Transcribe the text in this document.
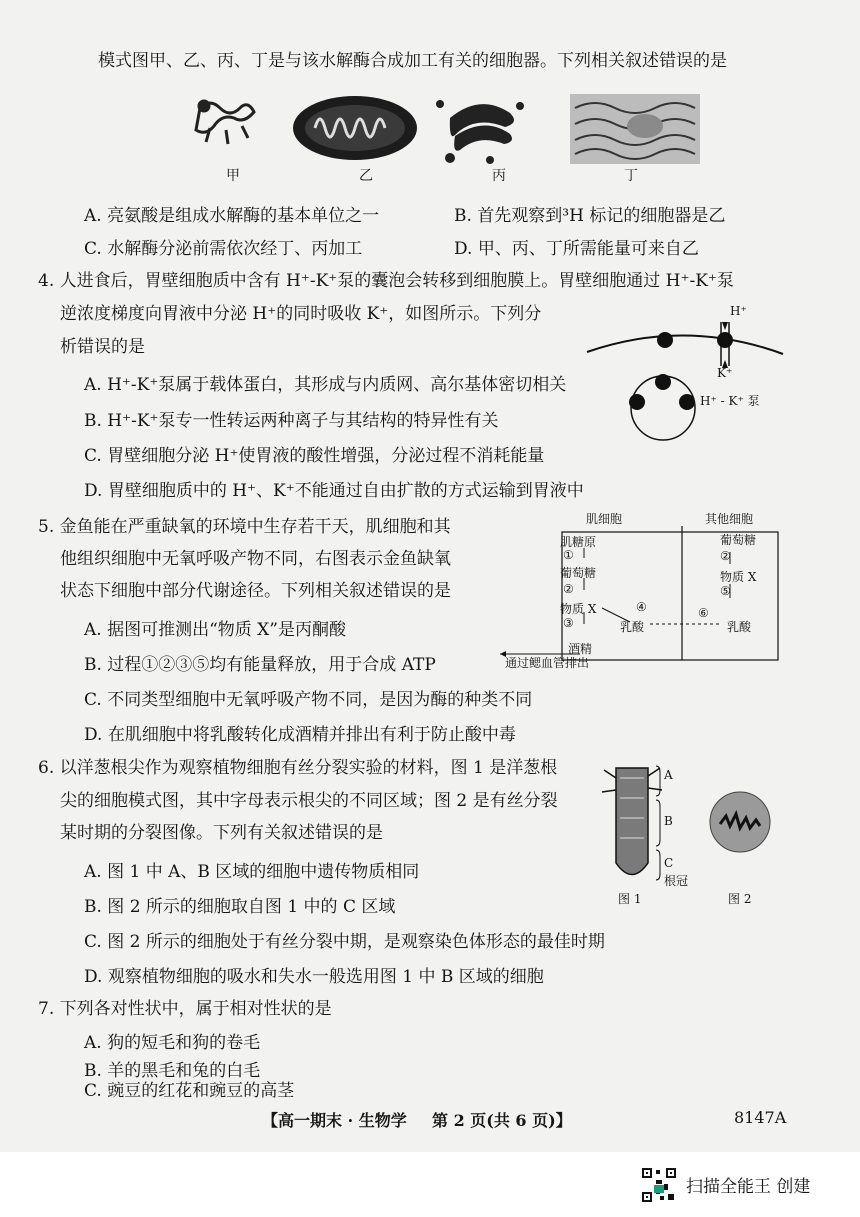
模式图甲、乙、丙、丁是与该水解酶合成加工有关的细胞器。下列相关叙述错误的是
甲	乙	丙	丁
A. 亮氨酸是组成水解酶的基本单位之一	B. 首先观察到³H 标记的细胞器是乙
C. 水解酶分泌前需依次经丁、丙加工	D. 甲、丙、丁所需能量可来自乙
4. 人进食后，胃壁细胞质中含有 H⁺-K⁺泵的囊泡会转移到细胞膜上。胃壁细胞通过 H⁺-K⁺泵
逆浓度梯度向胃液中分泌 H⁺的同时吸收 K⁺，如图所示。下列分
析错误的是
A. H⁺-K⁺泵属于载体蛋白，其形成与内质网、高尔基体密切相关
B. H⁺-K⁺泵专一性转运两种离子与其结构的特异性有关
C. 胃壁细胞分泌 H⁺使胃液的酸性增强，分泌过程不消耗能量
D. 胃壁细胞质中的 H⁺、K⁺不能通过自由扩散的方式运输到胃液中
H⁺
K⁺
H⁺ - K⁺ 泵
5. 金鱼能在严重缺氧的环境中生存若干天，肌细胞和其
他组织细胞中无氧呼吸产物不同，右图表示金鱼缺氧
状态下细胞中部分代谢途径。下列相关叙述错误的是
A. 据图可推测出“物质 X”是丙酮酸
B. 过程①②③⑤均有能量释放，用于合成 ATP
C. 不同类型细胞中无氧呼吸产物不同，是因为酶的种类不同
D. 在肌细胞中将乳酸转化成酒精并排出有利于防止酸中毒
肌细胞	其他细胞
肌糖原
①
葡萄糖
②
物质 X	④
③	乳酸
酒精
通过鳃血管排出
葡萄糖
②
物质 X
⑤
⑥
乳酸
6. 以洋葱根尖作为观察植物细胞有丝分裂实验的材料，图 1 是洋葱根
尖的细胞模式图，其中字母表示根尖的不同区域；图 2 是有丝分裂
某时期的分裂图像。下列有关叙述错误的是
A. 图 1 中 A、B 区域的细胞中遗传物质相同
B. 图 2 所示的细胞取自图 1 中的 C 区域
C. 图 2 所示的细胞处于有丝分裂中期，是观察染色体形态的最佳时期
D. 观察植物细胞的吸水和失水一般选用图 1 中 B 区域的细胞
A
B
C
根冠
图 1	图 2
7. 下列各对性状中，属于相对性状的是
A. 狗的短毛和狗的卷毛
B. 羊的黑毛和兔的白毛
C. 豌豆的红花和豌豆的高茎
【高一期末 · 生物学 第 2 页(共 6 页)】	8147A
扫描全能王 创建
